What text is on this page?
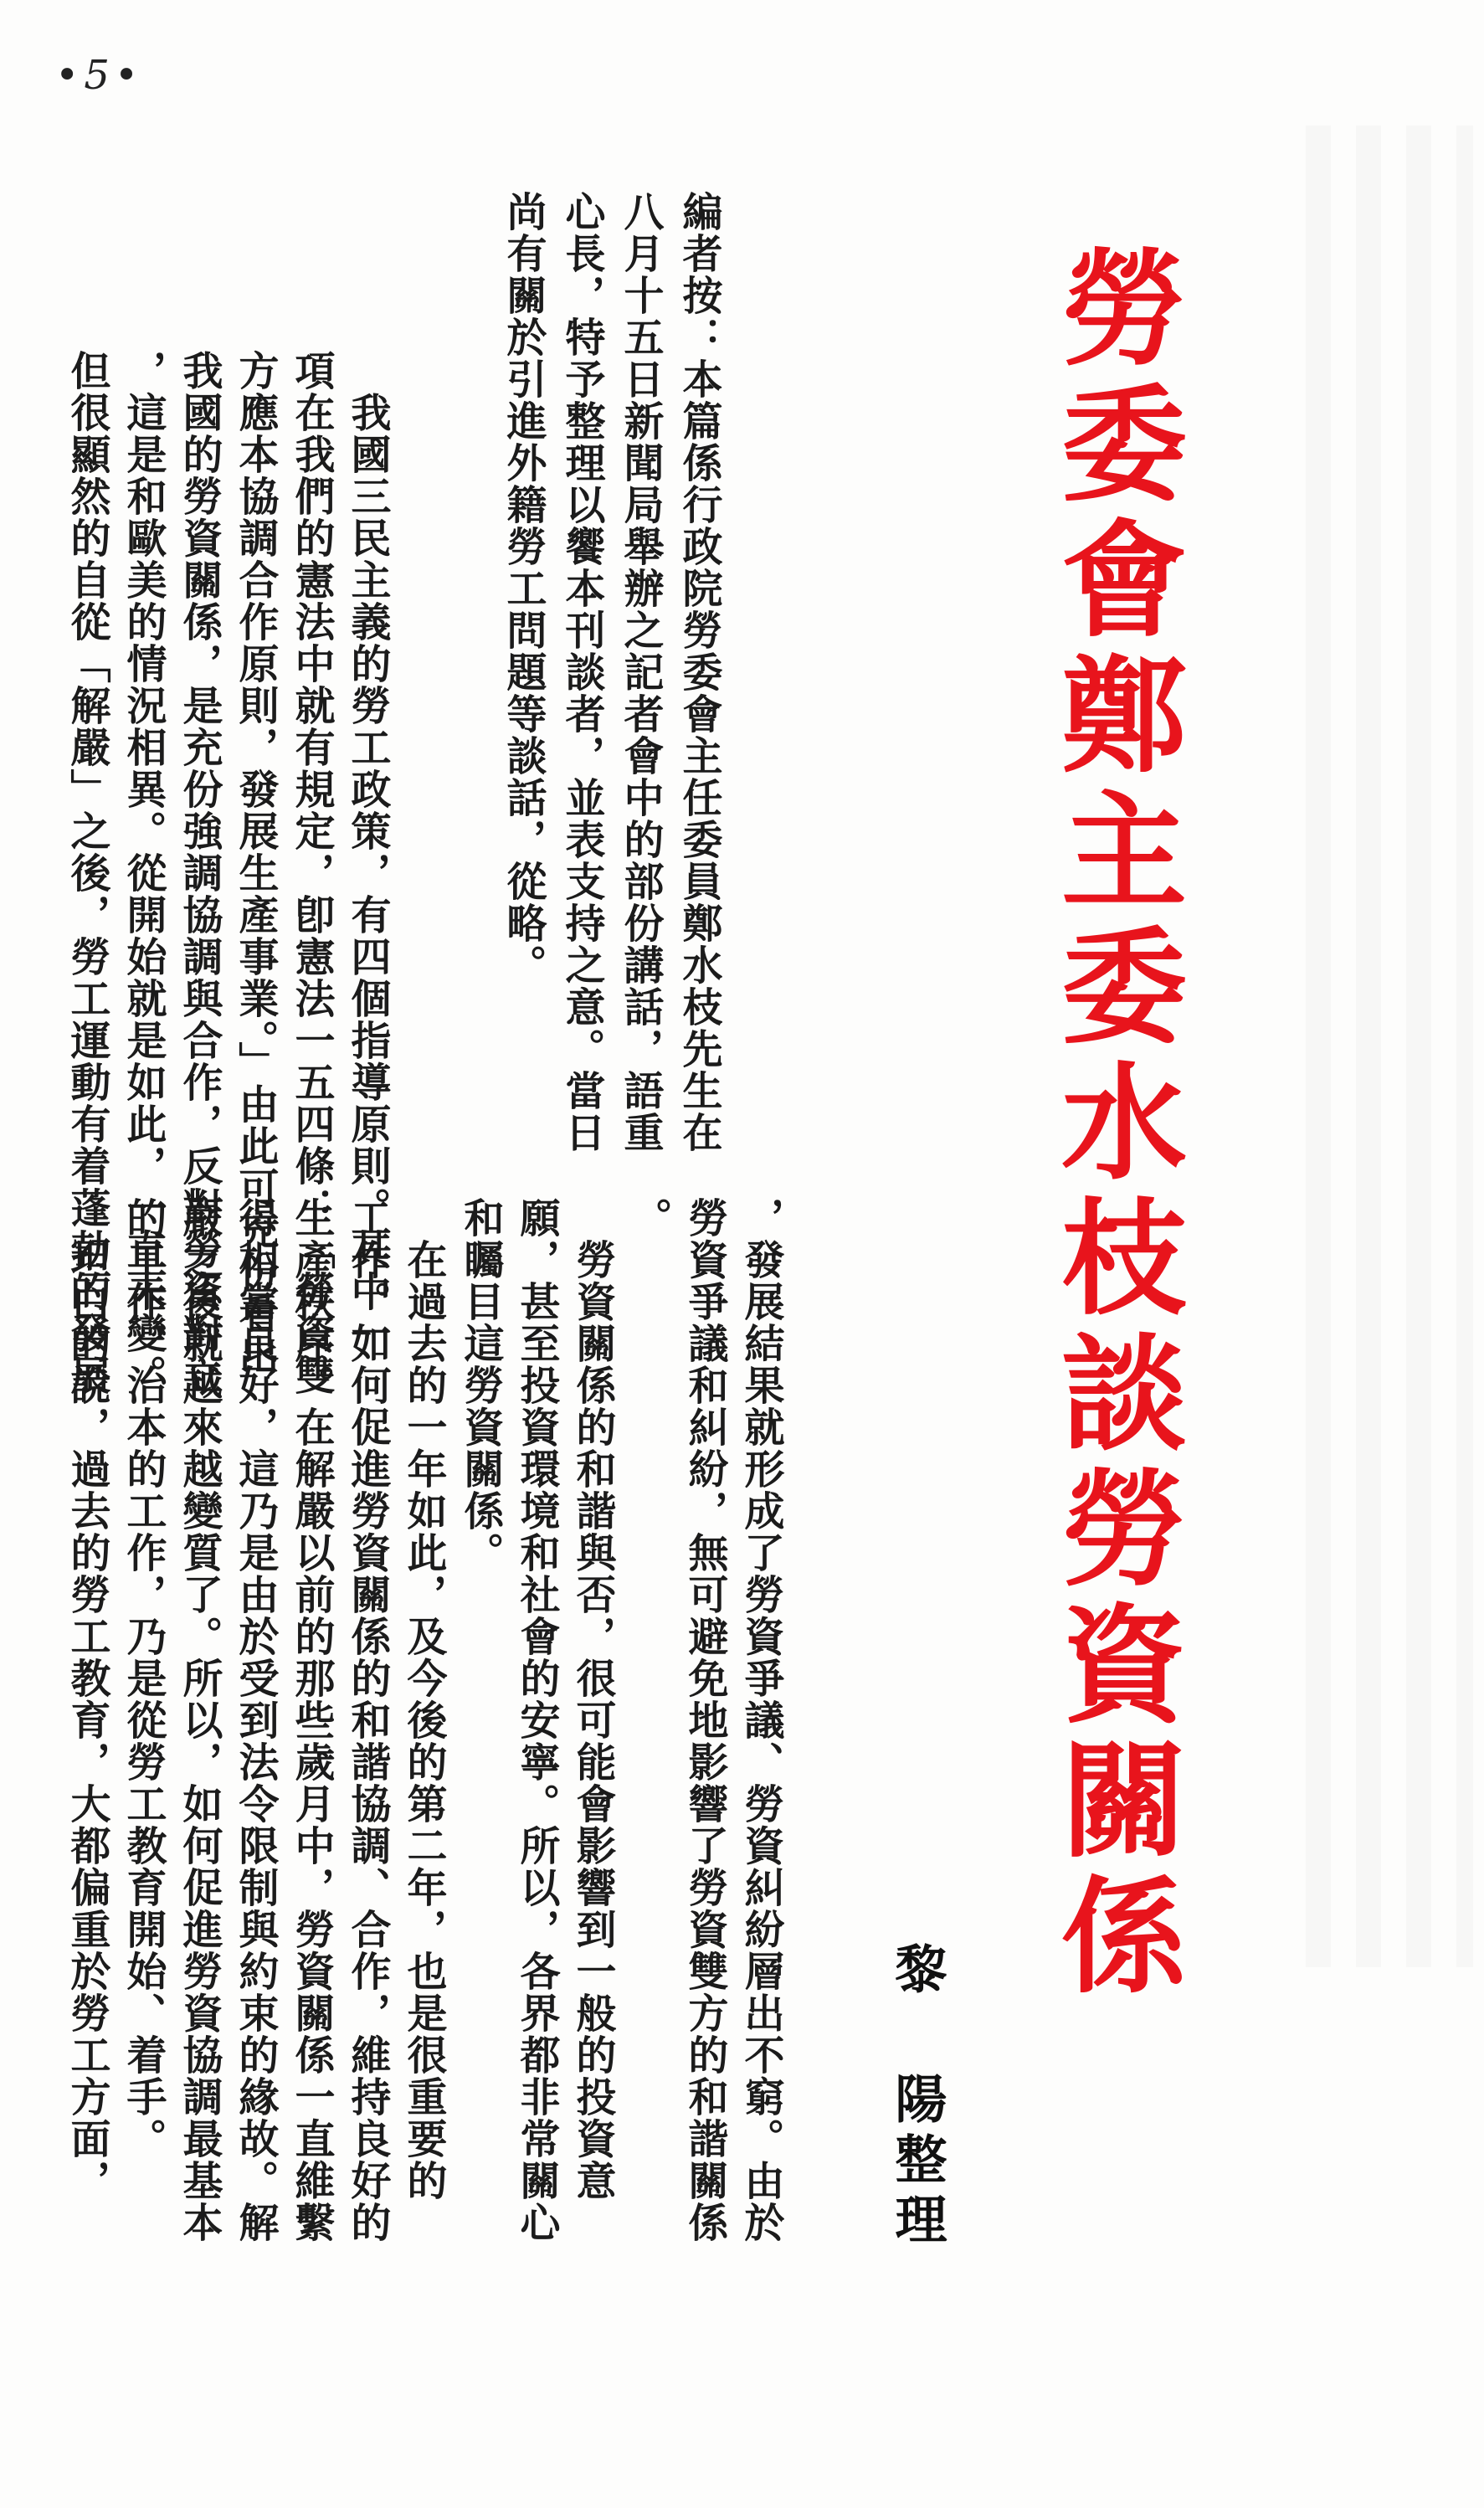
•5•
勞委會鄭主委水枝談勞資關係
黎 陽整理
編者按：本篇係行政院勞委會主任委員鄭水枝先生在
八月十五日新聞局舉辦之記者會中的部份講話，語重
心長，特予整理以饗本刊談者，並表支持之意。當日
尚有關於引進外籍勞工問題等談話，從略。
　我國三民主義的勞工政策，有四個指導原則。其中一
項在我們的憲法中就有規定，卽憲法一五四條：「勞資雙
方應本協調合作原則，發展生產事業。」由此可充份看出
我國的勞資關係，是充份強調協調與合作，反對勞資對立
，這是和歐美的情況相異。從開始就是如此，一直未變。
但很顯然的自從「解嚴」之後，勞工運動有着蓬勃的發展
，發展結果就形成了勞資爭議、勞資糾紛層出不窮。由於
勞資爭議和糾紛，無可避免地影響了勞資雙方的和諧關係
。
　勞資關係的和諧與否，很可能會影響到一般的投資意
願，甚至投資環境和社會的安寧。所以，各界都非常關心
和矚目這勞資關係。
　在過去的一年如此，及今後的第二年，也是很重要的
工作。如何促進勞資關係的和諧協調、合作，維持良好的
生產秩序。在解嚴以前的那些歲月中，勞資關係一直維繫
得相當良好，這乃是由於受到法令限制與約束的緣故。解
嚴之後就越來越變質了。所以，如何促進勞資協調最基本
的工作，治本的工作，乃是從勞工教育開始、着手。
　坦白的說，過去的勞工教育，大都偏重於勞工方面，
